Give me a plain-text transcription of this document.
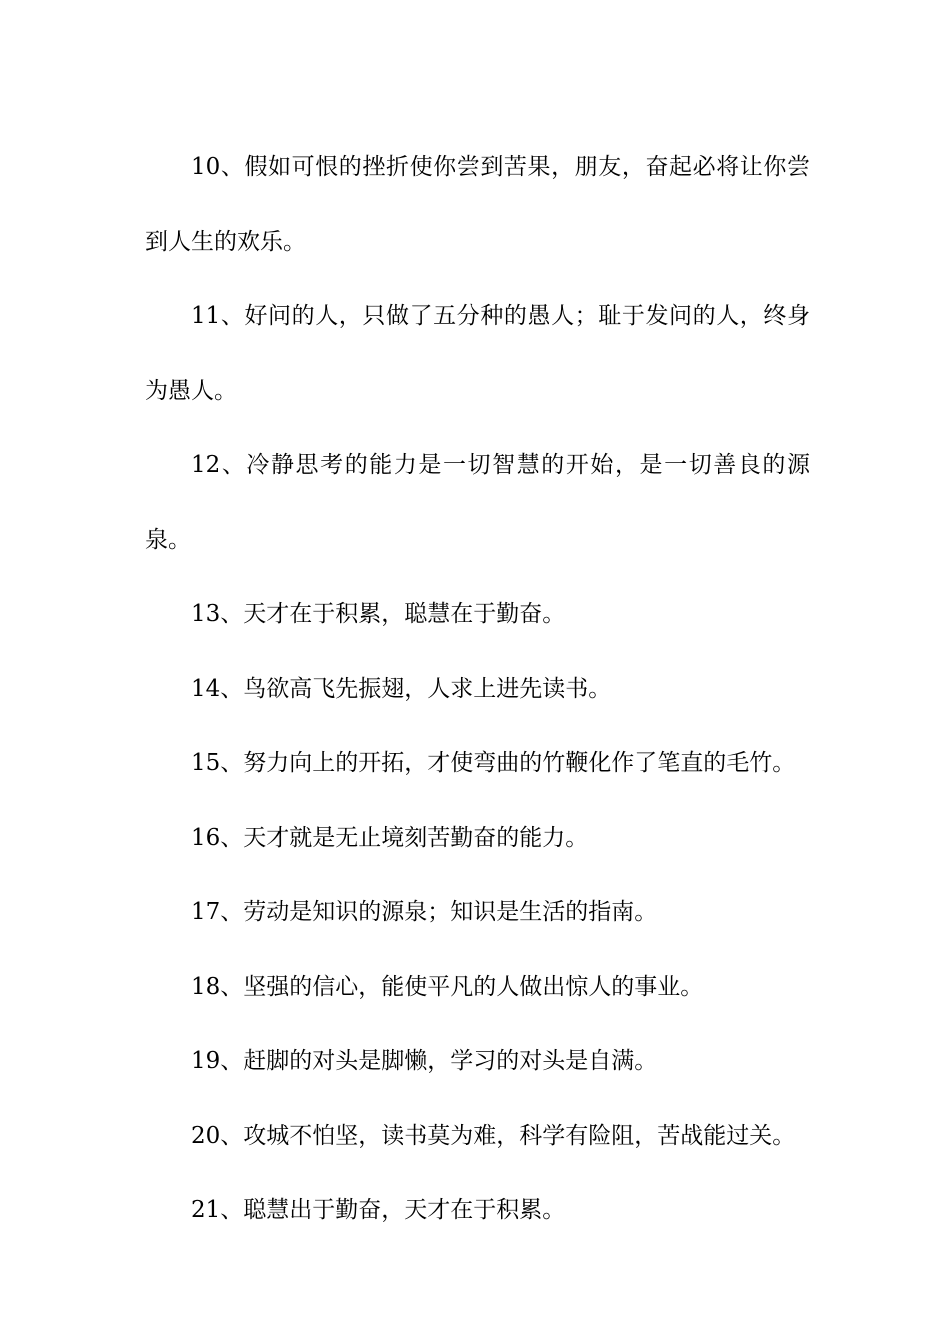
10、假如可恨的挫折使你尝到苦果，朋友，奋起必将让你尝到人生的欢乐。

11、好问的人，只做了五分种的愚人；耻于发问的人，终身为愚人。

12、冷静思考的能力是一切智慧的开始，是一切善良的源泉。

13、天才在于积累，聪慧在于勤奋。

14、鸟欲高飞先振翅，人求上进先读书。

15、努力向上的开拓，才使弯曲的竹鞭化作了笔直的毛竹。

16、天才就是无止境刻苦勤奋的能力。

17、劳动是知识的源泉；知识是生活的指南。

18、坚强的信心，能使平凡的人做出惊人的事业。

19、赶脚的对头是脚懒，学习的对头是自满。

20、攻城不怕坚，读书莫为难，科学有险阻，苦战能过关。

21、聪慧出于勤奋，天才在于积累。
